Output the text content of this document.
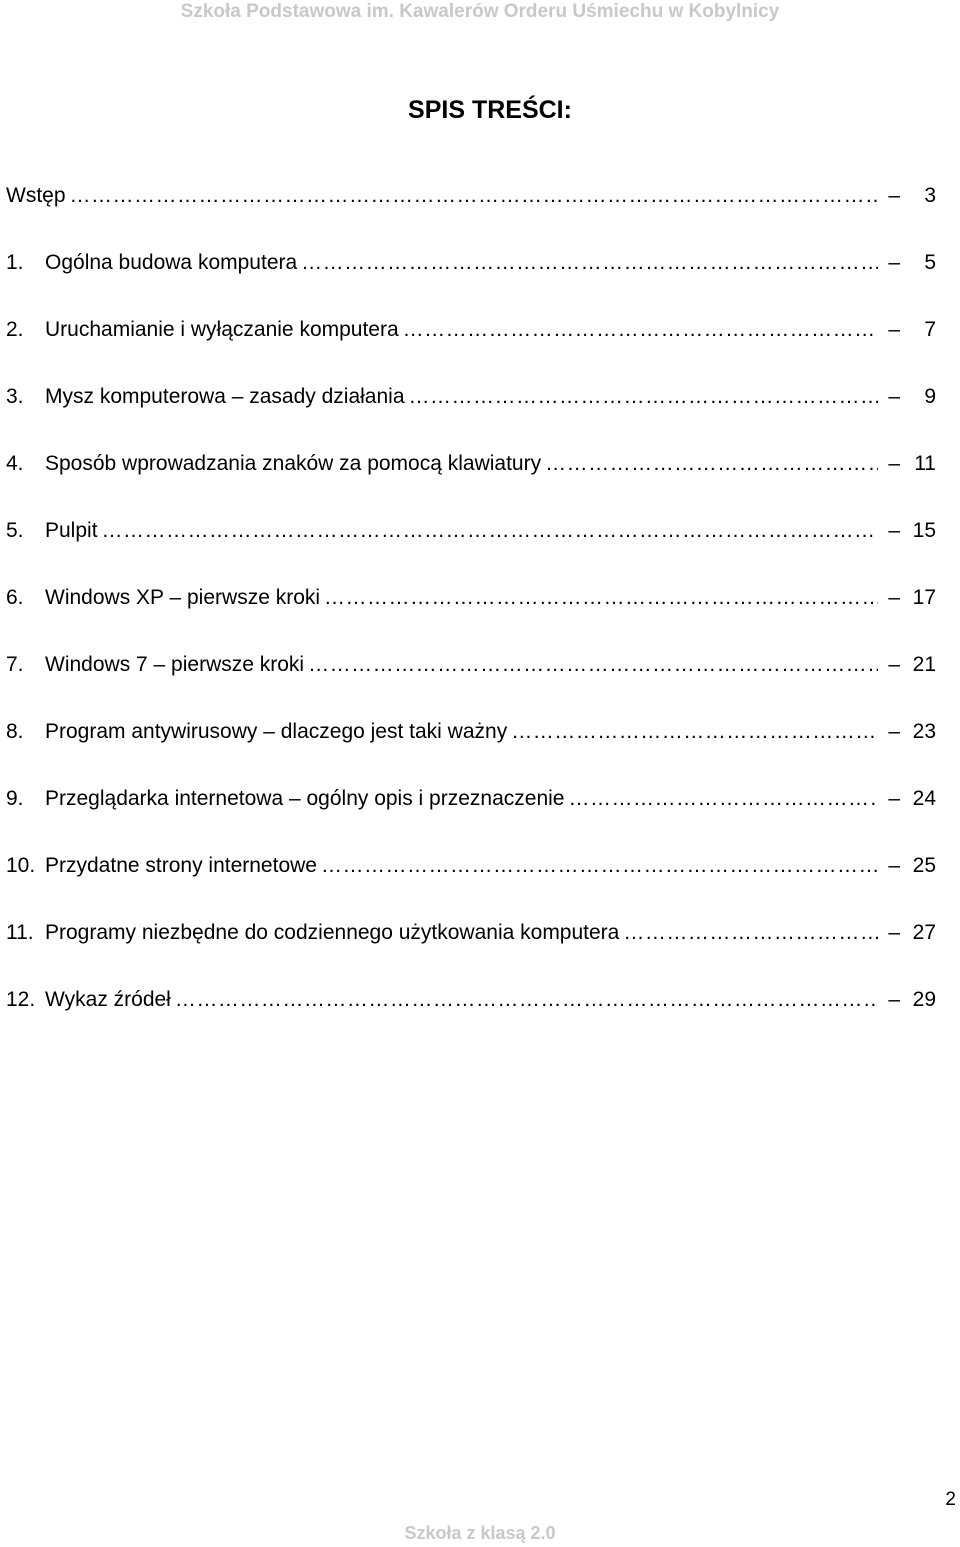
Szkoła Podstawowa im. Kawalerów Orderu Uśmiechu w Kobylnicy
SPIS TREŚCI:
Wstęp ……………………………………………………………………………………………………………………………………………………	–	3
1.	Ogólna budowa komputera ……………………………………………………………………………………………………………………………………………………	–	5
2.	Uruchamianie i wyłączanie komputera ……………………………………………………………………………………………………………………………………………………	–	7
3.	Mysz komputerowa – zasady działania ……………………………………………………………………………………………………………………………………………………	–	9
4.	Sposób wprowadzania znaków za pomocą klawiatury ……………………………………………………………………………………………………………………………………………………	– 11
5.	Pulpit ……………………………………………………………………………………………………………………………………………………	– 15
6.	Windows XP – pierwsze kroki ……………………………………………………………………………………………………………………………………………………	– 17
7.	Windows 7 – pierwsze kroki ……………………………………………………………………………………………………………………………………………………	– 21
8.	Program antywirusowy – dlaczego jest taki ważny ……………………………………………………………………………………………………………………………………………………	– 23
9.	Przeglądarka internetowa – ogólny opis i przeznaczenie ……………………………………………………………………………………………………………………………………………………	– 24
10. Przydatne strony internetowe ……………………………………………………………………………………………………………………………………………………	– 25
11. Programy niezbędne do codziennego użytkowania komputera ……………………………………………………………………………………………………………………………………………………	– 27
12. Wykaz źródeł ……………………………………………………………………………………………………………………………………………………	– 29
2
Szkoła z klasą 2.0
